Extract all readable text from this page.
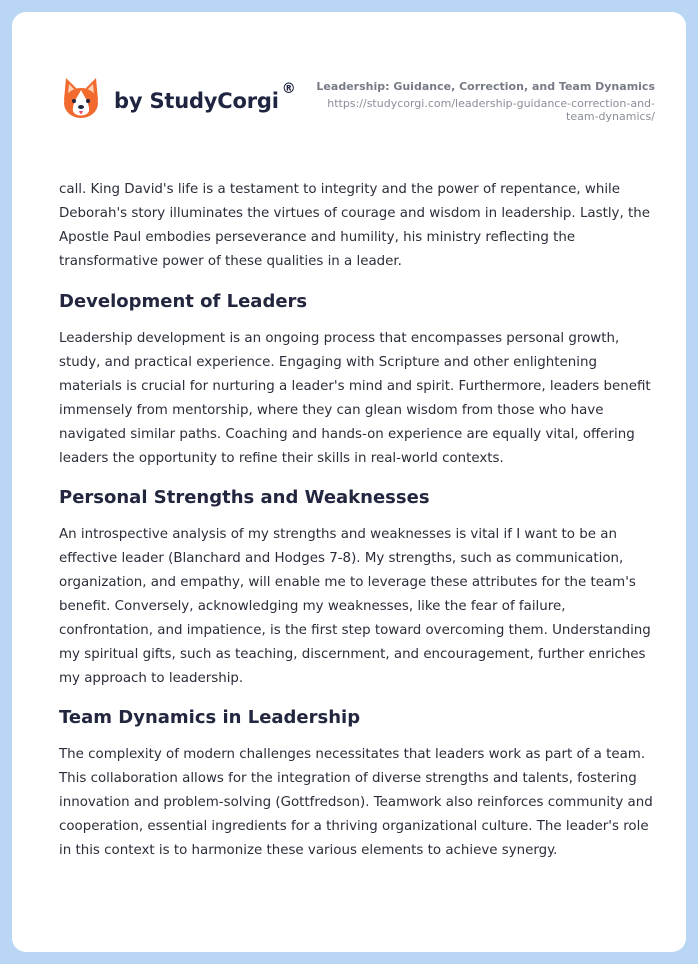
by StudyCorgi ®	Leadership: Guidance, Correction, and Team Dynamics
https://studycorgi.com/leadership-guidance-correction-and-
team-dynamics/

call. King David's life is a testament to integrity and the power of repentance, while Deborah's story illuminates the virtues of courage and wisdom in leadership. Lastly, the Apostle Paul embodies perseverance and humility, his ministry reflecting the transformative power of these qualities in a leader.

Development of Leaders

Leadership development is an ongoing process that encompasses personal growth, study, and practical experience. Engaging with Scripture and other enlightening materials is crucial for nurturing a leader's mind and spirit. Furthermore, leaders benefit immensely from mentorship, where they can glean wisdom from those who have navigated similar paths. Coaching and hands-on experience are equally vital, offering leaders the opportunity to refine their skills in real-world contexts.

Personal Strengths and Weaknesses

An introspective analysis of my strengths and weaknesses is vital if I want to be an effective leader (Blanchard and Hodges 7-8). My strengths, such as communication, organization, and empathy, will enable me to leverage these attributes for the team's benefit. Conversely, acknowledging my weaknesses, like the fear of failure, confrontation, and impatience, is the first step toward overcoming them. Understanding my spiritual gifts, such as teaching, discernment, and encouragement, further enriches my approach to leadership.

Team Dynamics in Leadership

The complexity of modern challenges necessitates that leaders work as part of a team. This collaboration allows for the integration of diverse strengths and talents, fostering innovation and problem-solving (Gottfredson). Teamwork also reinforces community and cooperation, essential ingredients for a thriving organizational culture. The leader's role in this context is to harmonize these various elements to achieve synergy.
